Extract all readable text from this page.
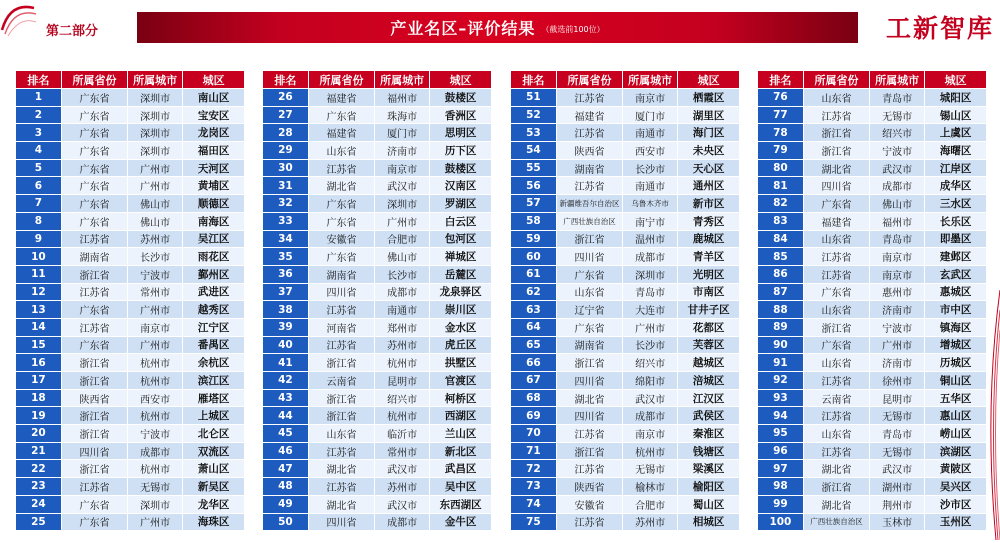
第二部分	产业名区–评价结果 （截选前100位）	工新智库
排名	所属省份	所属城市	城区
1	广东省	深圳市	南山区
2	广东省	深圳市	宝安区
3	广东省	深圳市	龙岗区
4	广东省	深圳市	福田区
5	广东省	广州市	天河区
6	广东省	广州市	黄埔区
7	广东省	佛山市	顺德区
8	广东省	佛山市	南海区
9	江苏省	苏州市	吴江区
10	湖南省	长沙市	雨花区
11	浙江省	宁波市	鄞州区
12	江苏省	常州市	武进区
13	广东省	广州市	越秀区
14	江苏省	南京市	江宁区
15	广东省	广州市	番禺区
16	浙江省	杭州市	余杭区
17	浙江省	杭州市	滨江区
18	陕西省	西安市	雁塔区
19	浙江省	杭州市	上城区
20	浙江省	宁波市	北仑区
21	四川省	成都市	双流区
22	浙江省	杭州市	萧山区
23	江苏省	无锡市	新吴区
24	广东省	深圳市	龙华区
25	广东省	广州市	海珠区
排名	所属省份	所属城市	城区
26	福建省	福州市	鼓楼区
27	广东省	珠海市	香洲区
28	福建省	厦门市	思明区
29	山东省	济南市	历下区
30	江苏省	南京市	鼓楼区
31	湖北省	武汉市	汉南区
32	广东省	深圳市	罗湖区
33	广东省	广州市	白云区
34	安徽省	合肥市	包河区
35	广东省	佛山市	禅城区
36	湖南省	长沙市	岳麓区
37	四川省	成都市	龙泉驿区
38	江苏省	南通市	崇川区
39	河南省	郑州市	金水区
40	江苏省	苏州市	虎丘区
41	浙江省	杭州市	拱墅区
42	云南省	昆明市	官渡区
43	浙江省	绍兴市	柯桥区
44	浙江省	杭州市	西湖区
45	山东省	临沂市	兰山区
46	江苏省	常州市	新北区
47	湖北省	武汉市	武昌区
48	江苏省	苏州市	吴中区
49	湖北省	武汉市	东西湖区
50	四川省	成都市	金牛区
排名	所属省份	所属城市	城区
51	江苏省	南京市	栖霞区
52	福建省	厦门市	湖里区
53	江苏省	南通市	海门区
54	陕西省	西安市	未央区
55	湖南省	长沙市	天心区
56	江苏省	南通市	通州区
57	新疆维吾尔自治区	乌鲁木齐市	新市区
58	广西壮族自治区	南宁市	青秀区
59	浙江省	温州市	鹿城区
60	四川省	成都市	青羊区
61	广东省	深圳市	光明区
62	山东省	青岛市	市南区
63	辽宁省	大连市	甘井子区
64	广东省	广州市	花都区
65	湖南省	长沙市	芙蓉区
66	浙江省	绍兴市	越城区
67	四川省	绵阳市	涪城区
68	湖北省	武汉市	江汉区
69	四川省	成都市	武侯区
70	江苏省	南京市	秦淮区
71	浙江省	杭州市	钱塘区
72	江苏省	无锡市	梁溪区
73	陕西省	榆林市	榆阳区
74	安徽省	合肥市	蜀山区
75	江苏省	苏州市	相城区
排名	所属省份	所属城市	城区
76	山东省	青岛市	城阳区
77	江苏省	无锡市	锡山区
78	浙江省	绍兴市	上虞区
79	浙江省	宁波市	海曙区
80	湖北省	武汉市	江岸区
81	四川省	成都市	成华区
82	广东省	佛山市	三水区
83	福建省	福州市	长乐区
84	山东省	青岛市	即墨区
85	江苏省	南京市	建邺区
86	江苏省	南京市	玄武区
87	广东省	惠州市	惠城区
88	山东省	济南市	市中区
89	浙江省	宁波市	镇海区
90	广东省	广州市	增城区
91	山东省	济南市	历城区
92	江苏省	徐州市	铜山区
93	云南省	昆明市	五华区
94	江苏省	无锡市	惠山区
95	山东省	青岛市	崂山区
96	江苏省	无锡市	滨湖区
97	湖北省	武汉市	黄陂区
98	浙江省	湖州市	吴兴区
99	湖北省	荆州市	沙市区
100	广西壮族自治区	玉林市	玉州区
